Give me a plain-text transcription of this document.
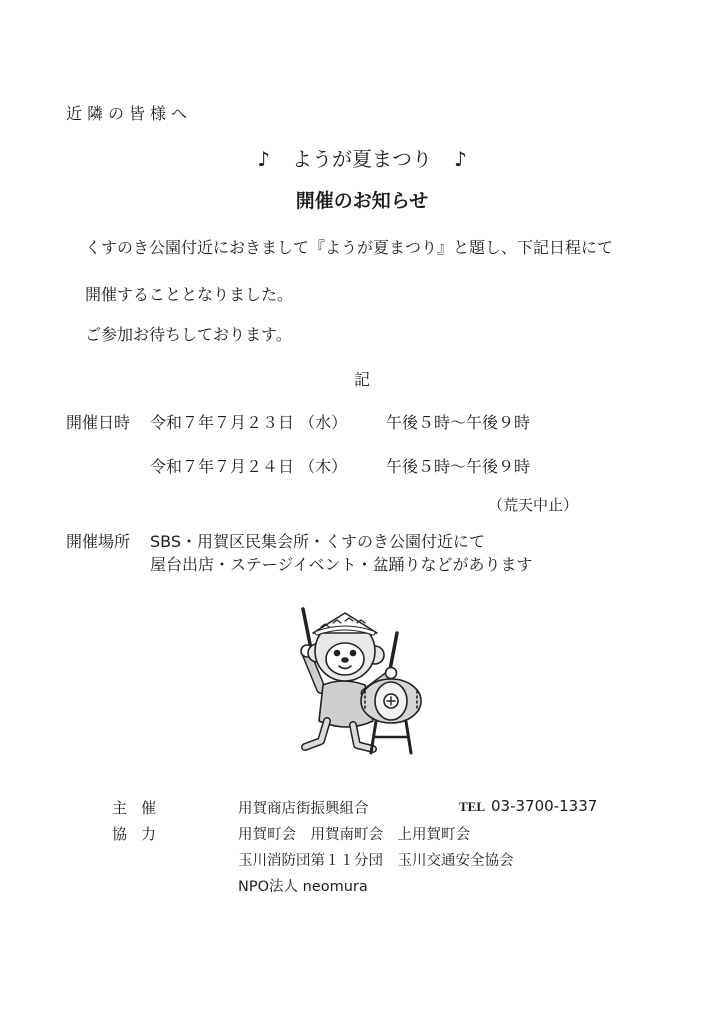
近隣の皆様へ
♪ ようが夏まつり ♪
開催のお知らせ
くすのき公園付近におきまして『ようが夏まつり』と題し、下記日程にて
開催することとなりました。
ご参加お待ちしております。
記
開催日時 令和７年７月２３日 （水） 午後５時～午後９時
令和７年７月２４日 （木） 午後５時～午後９時
（荒天中止）
開催場所 SBS・用賀区民集会所・くすのき公園付近にて
屋台出店・ステージイベント・盆踊りなどがあります
主催	用賀商店街振興組合	TEL 03-3700-1337
協力	用賀町会　用賀南町会　上用賀町会
玉川消防団第１１分団　玉川交通安全協会
NPO法人 neomura
